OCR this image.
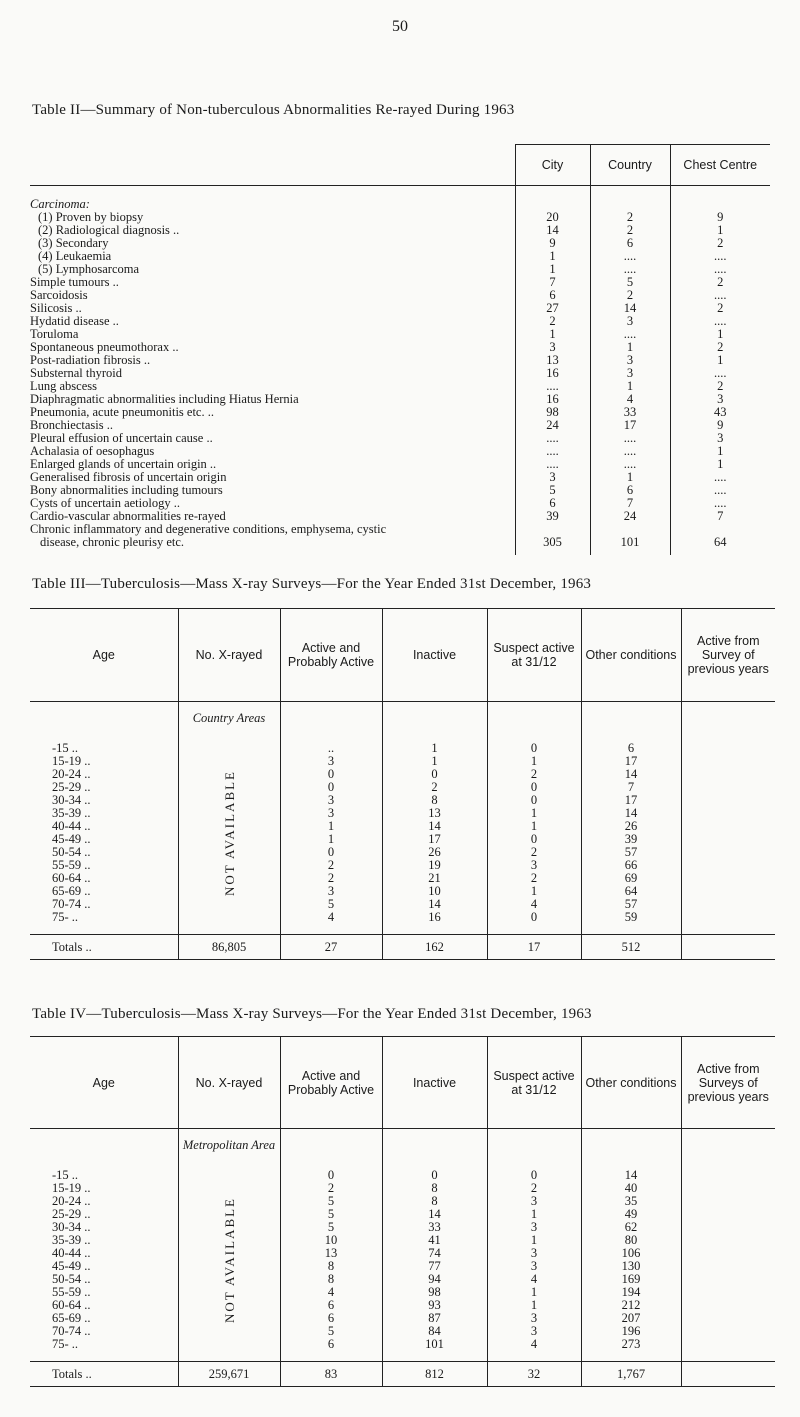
50
Table II—Summary of Non-tuberculous Abnormalities Re-rayed During 1963
	City	Country	Chest Centre

Carcinoma:			
(1) Proven by biopsy	20	2	9
(2) Radiological diagnosis ..	14	2	1
(3) Secondary	9	6	2
(4) Leukaemia	1	....	....
(5) Lymphosarcoma	1	....	....
Simple tumours ..	7	5	2
Sarcoidosis	6	2	....
Silicosis ..	27	14	2
Hydatid disease ..	2	3	....
Toruloma	1	....	1
Spontaneous pneumothorax ..	3	1	2
Post-radiation fibrosis ..	13	3	1
Substernal thyroid	16	3	....
Lung abscess	....	1	2
Diaphragmatic abnormalities including Hiatus Hernia	16	4	3
Pneumonia, acute pneumonitis etc. ..	98	33	43
Bronchiectasis ..	24	17	9
Pleural effusion of uncertain cause ..	....	....	3
Achalasia of oesophagus	....	....	1
Enlarged glands of uncertain origin ..	....	....	1
Generalised fibrosis of uncertain origin	3	1	....
Bony abnormalities including tumours	5	6	....
Cysts of uncertain aetiology ..	6	7	....
Cardio-vascular abnormalities re-rayed	39	24	7
Chronic inflammatory and degenerative conditions, emphysema, cystic			
disease, chronic pleurisy etc.	305	101	64

Table III—Tuberculosis—Mass X-ray Surveys—For the Year Ended 31st December, 1963
Age	No. X-rayed	Active and Probably Active	Inactive	Suspect active at 31/12	Other conditions	Active from Survey of previous years

	Country Areas					
-15 ..	NOT AVAILABLE	..	1	0	6	
15-19 ..		3	1	1	17	
20-24 ..		0	0	2	14	
25-29 ..		0	2	0	7	
30-34 ..		3	8	0	17	
35-39 ..		3	13	1	14	
40-44 ..		1	14	1	26	
45-49 ..		1	17	0	39	
50-54 ..		0	26	2	57	
55-59 ..		2	19	3	66	
60-64 ..		2	21	2	69	
65-69 ..		3	10	1	64	
70-74 ..		5	14	4	57	
75- ..		4	16	0	59	

Totals ..	86,805	27	162	17	512	
Table IV—Tuberculosis—Mass X-ray Surveys—For the Year Ended 31st December, 1963
Age	No. X-rayed	Active and Probably Active	Inactive	Suspect active at 31/12	Other conditions	Active from Surveys of previous years

	Metropolitan Area					
-15 ..	NOT AVAILABLE	0	0	0	14	
15-19 ..		2	8	2	40	
20-24 ..		5	8	3	35	
25-29 ..		5	14	1	49	
30-34 ..		5	33	3	62	
35-39 ..		10	41	1	80	
40-44 ..		13	74	3	106	
45-49 ..		8	77	3	130	
50-54 ..		8	94	4	169	
55-59 ..		4	98	1	194	
60-64 ..		6	93	1	212	
65-69 ..		6	87	3	207	
70-74 ..		5	84	3	196	
75- ..		6	101	4	273	

Totals ..	259,671	83	812	32	1,767	
